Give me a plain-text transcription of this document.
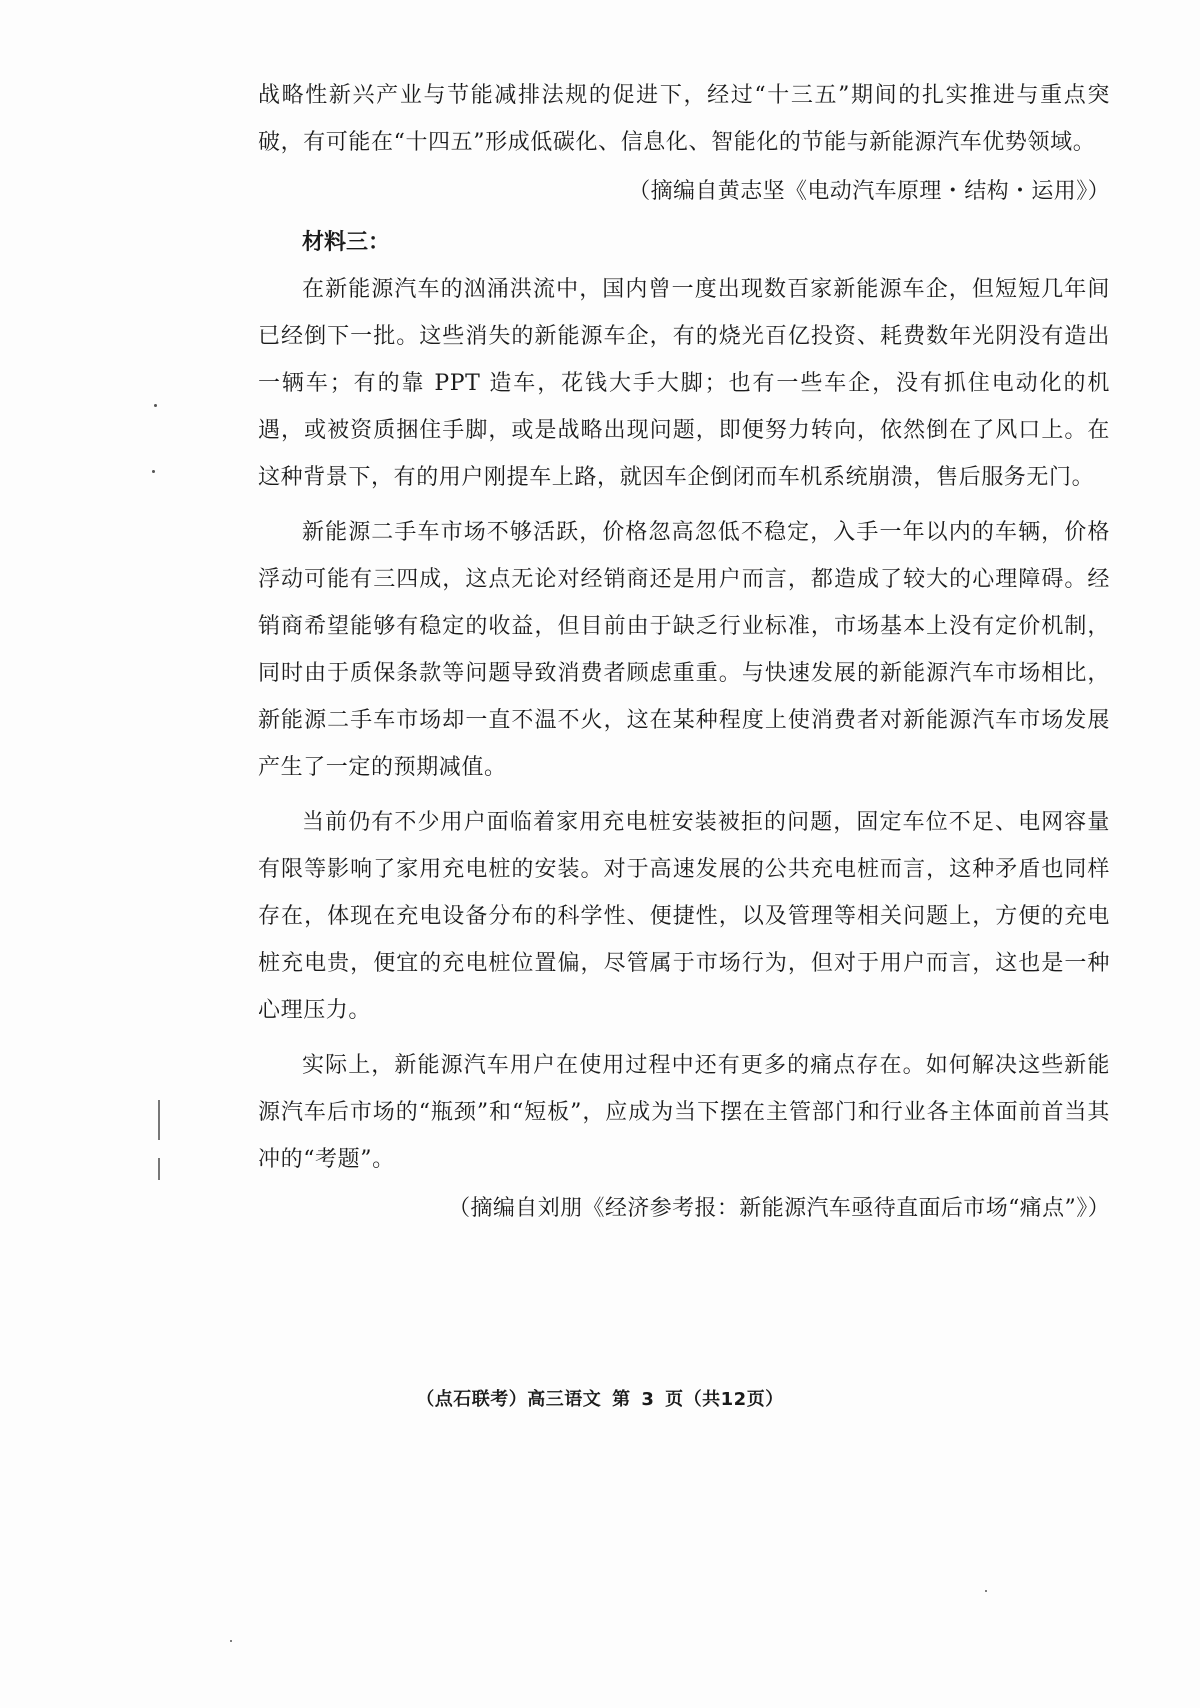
战略性新兴产业与节能减排法规的促进下，经过“十三五”期间的扎实推进与重点突破，有可能在“十四五”形成低碳化、信息化、智能化的节能与新能源汽车优势领域。

（摘编自黄志坚《电动汽车原理・结构・运用》）

材料三：

在新能源汽车的汹涌洪流中，国内曾一度出现数百家新能源车企，但短短几年间已经倒下一批。这些消失的新能源车企，有的烧光百亿投资、耗费数年光阴没有造出一辆车；有的靠 PPT 造车，花钱大手大脚；也有一些车企，没有抓住电动化的机遇，或被资质捆住手脚，或是战略出现问题，即便努力转向，依然倒在了风口上。在这种背景下，有的用户刚提车上路，就因车企倒闭而车机系统崩溃，售后服务无门。

新能源二手车市场不够活跃，价格忽高忽低不稳定，入手一年以内的车辆，价格浮动可能有三四成，这点无论对经销商还是用户而言，都造成了较大的心理障碍。经销商希望能够有稳定的收益，但目前由于缺乏行业标准，市场基本上没有定价机制，同时由于质保条款等问题导致消费者顾虑重重。与快速发展的新能源汽车市场相比，新能源二手车市场却一直不温不火，这在某种程度上使消费者对新能源汽车市场发展产生了一定的预期减值。

当前仍有不少用户面临着家用充电桩安装被拒的问题，固定车位不足、电网容量有限等影响了家用充电桩的安装。对于高速发展的公共充电桩而言，这种矛盾也同样存在，体现在充电设备分布的科学性、便捷性，以及管理等相关问题上，方便的充电桩充电贵，便宜的充电桩位置偏，尽管属于市场行为，但对于用户而言，这也是一种心理压力。

实际上，新能源汽车用户在使用过程中还有更多的痛点存在。如何解决这些新能源汽车后市场的“瓶颈”和“短板”，应成为当下摆在主管部门和行业各主体面前首当其冲的“考题”。

（摘编自刘朋《经济参考报：新能源汽车亟待直面后市场“痛点”》）

（点石联考）高三语文 第 3 页（共12页）
